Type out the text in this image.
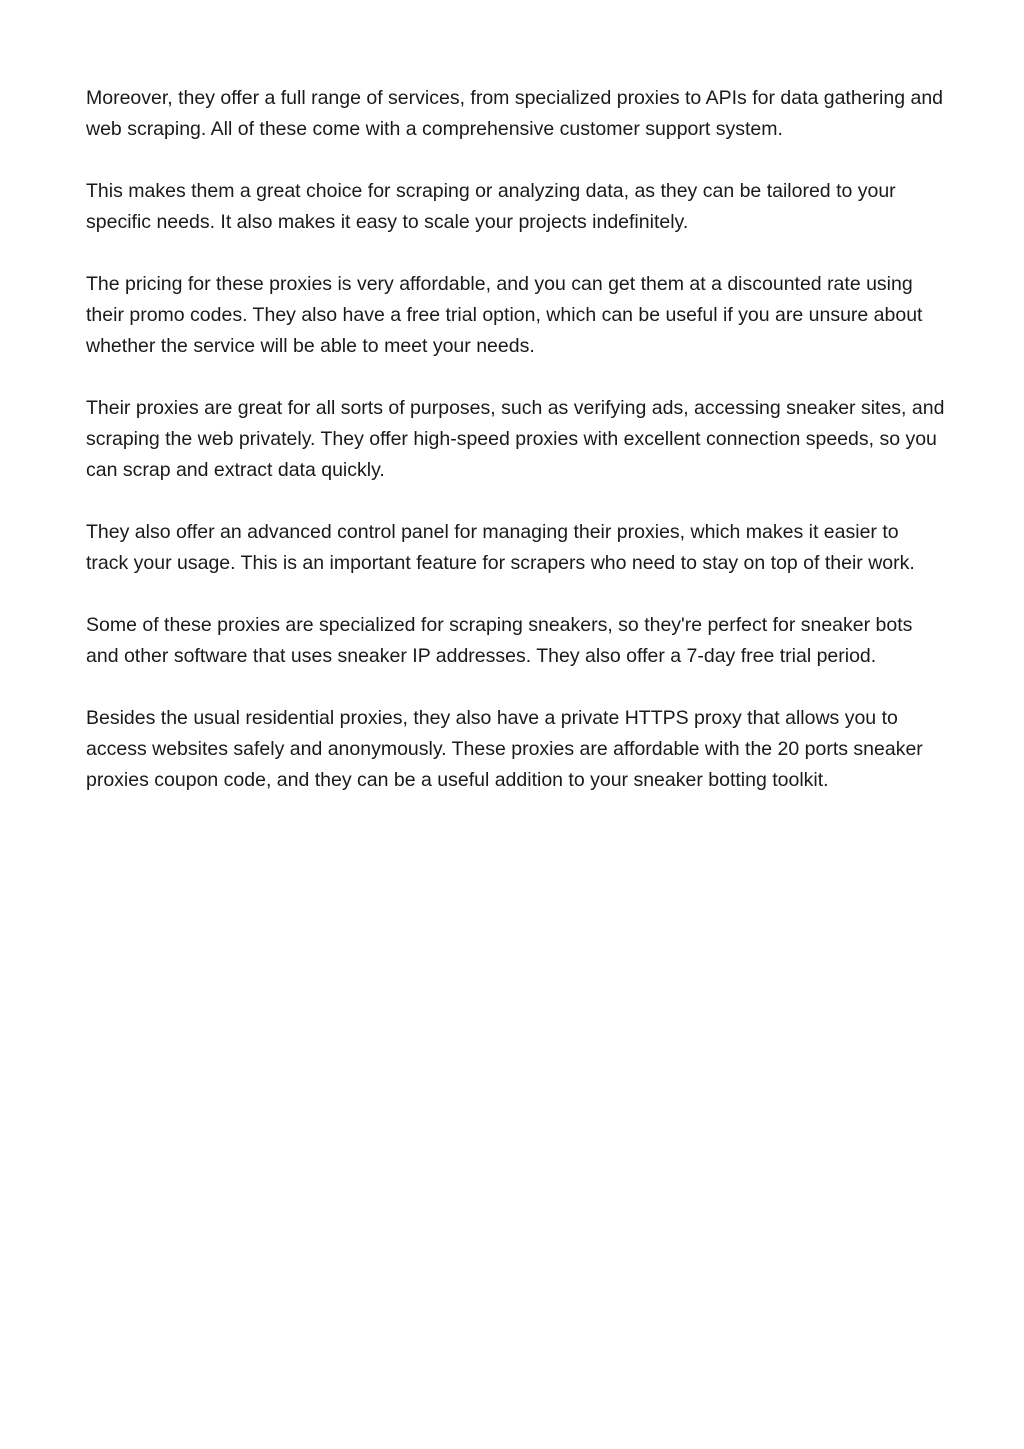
Moreover, they offer a full range of services, from specialized proxies to APIs for data gathering and web scraping. All of these come with a comprehensive customer support system.

This makes them a great choice for scraping or analyzing data, as they can be tailored to your specific needs. It also makes it easy to scale your projects indefinitely.

The pricing for these proxies is very affordable, and you can get them at a discounted rate using their promo codes. They also have a free trial option, which can be useful if you are unsure about whether the service will be able to meet your needs.

Their proxies are great for all sorts of purposes, such as verifying ads, accessing sneaker sites, and scraping the web privately. They offer high-speed proxies with excellent connection speeds, so you can scrap and extract data quickly.

They also offer an advanced control panel for managing their proxies, which makes it easier to track your usage. This is an important feature for scrapers who need to stay on top of their work.

Some of these proxies are specialized for scraping sneakers, so they're perfect for sneaker bots and other software that uses sneaker IP addresses. They also offer a 7-day free trial period.

Besides the usual residential proxies, they also have a private HTTPS proxy that allows you to access websites safely and anonymously. These proxies are affordable with the 20 ports sneaker proxies coupon code, and they can be a useful addition to your sneaker botting toolkit.
